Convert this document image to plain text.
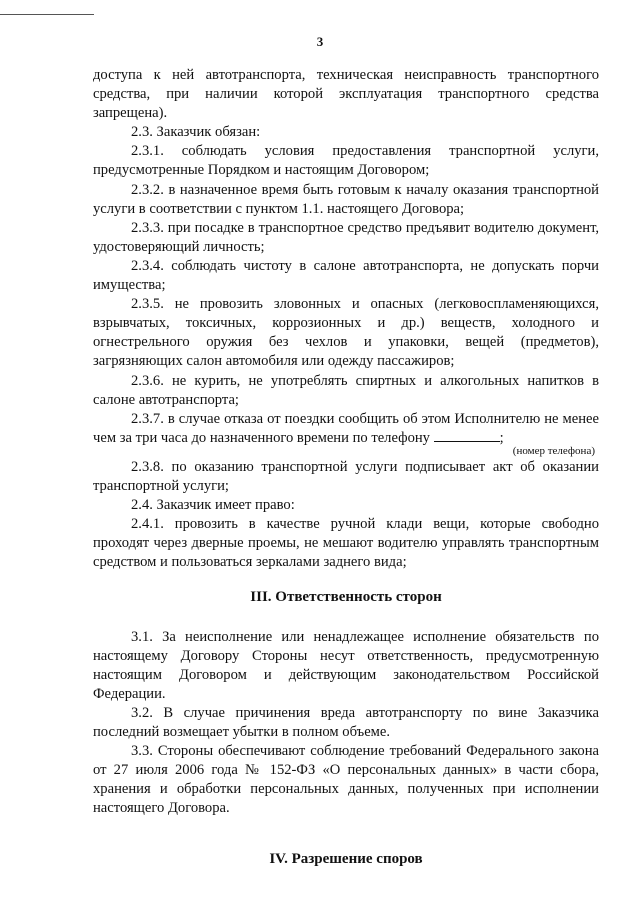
3

доступа к ней автотранспорта, техническая неисправность транспортного средства, при наличии которой эксплуатация транспортного средства запрещена).

2.3. Заказчик обязан:

2.3.1. соблюдать условия предоставления транспортной услуги, предусмотренные Порядком и настоящим Договором;

2.3.2. в назначенное время быть готовым к началу оказания транспортной услуги в соответствии с пунктом 1.1. настоящего Договора;

2.3.3. при посадке в транспортное средство предъявит водителю документ, удостоверяющий личность;

2.3.4. соблюдать чистоту в салоне автотранспорта, не допускать порчи имущества;

2.3.5. не провозить зловонных и опасных (легковоспламеняющихся, взрывчатых, токсичных, коррозионных и др.) веществ, холодного и огнестрельного оружия без чехлов и упаковки, вещей (предметов), загрязняющих салон автомобиля или одежду пассажиров;

2.3.6. не курить, не употреблять спиртных и алкогольных напитков в салоне автотранспорта;

2.3.7. в случае отказа от поездки сообщить об этом Исполнителю не менее чем за три часа до назначенного времени по телефону	;

(номер телефона)

2.3.8. по оказанию транспортной услуги подписывает акт об оказании транспортной услуги;

2.4. Заказчик имеет право:

2.4.1. провозить в качестве ручной клади вещи, которые свободно проходят через дверные проемы, не мешают водителю управлять транспортным средством и пользоваться зеркалами заднего вида;

III. Ответственность сторон

3.1. За неисполнение или ненадлежащее исполнение обязательств по настоящему Договору Стороны несут ответственность, предусмотренную настоящим Договором и действующим законодательством Российской Федерации.

3.2. В случае причинения вреда автотранспорту по вине Заказчика последний возмещает убытки в полном объеме.

3.3. Стороны обеспечивают соблюдение требований Федерального закона от 27 июля 2006 года № 152-ФЗ «О персональных данных» в части сбора, хранения и обработки персональных данных, полученных при исполнении настоящего Договора.

IV. Разрешение споров
